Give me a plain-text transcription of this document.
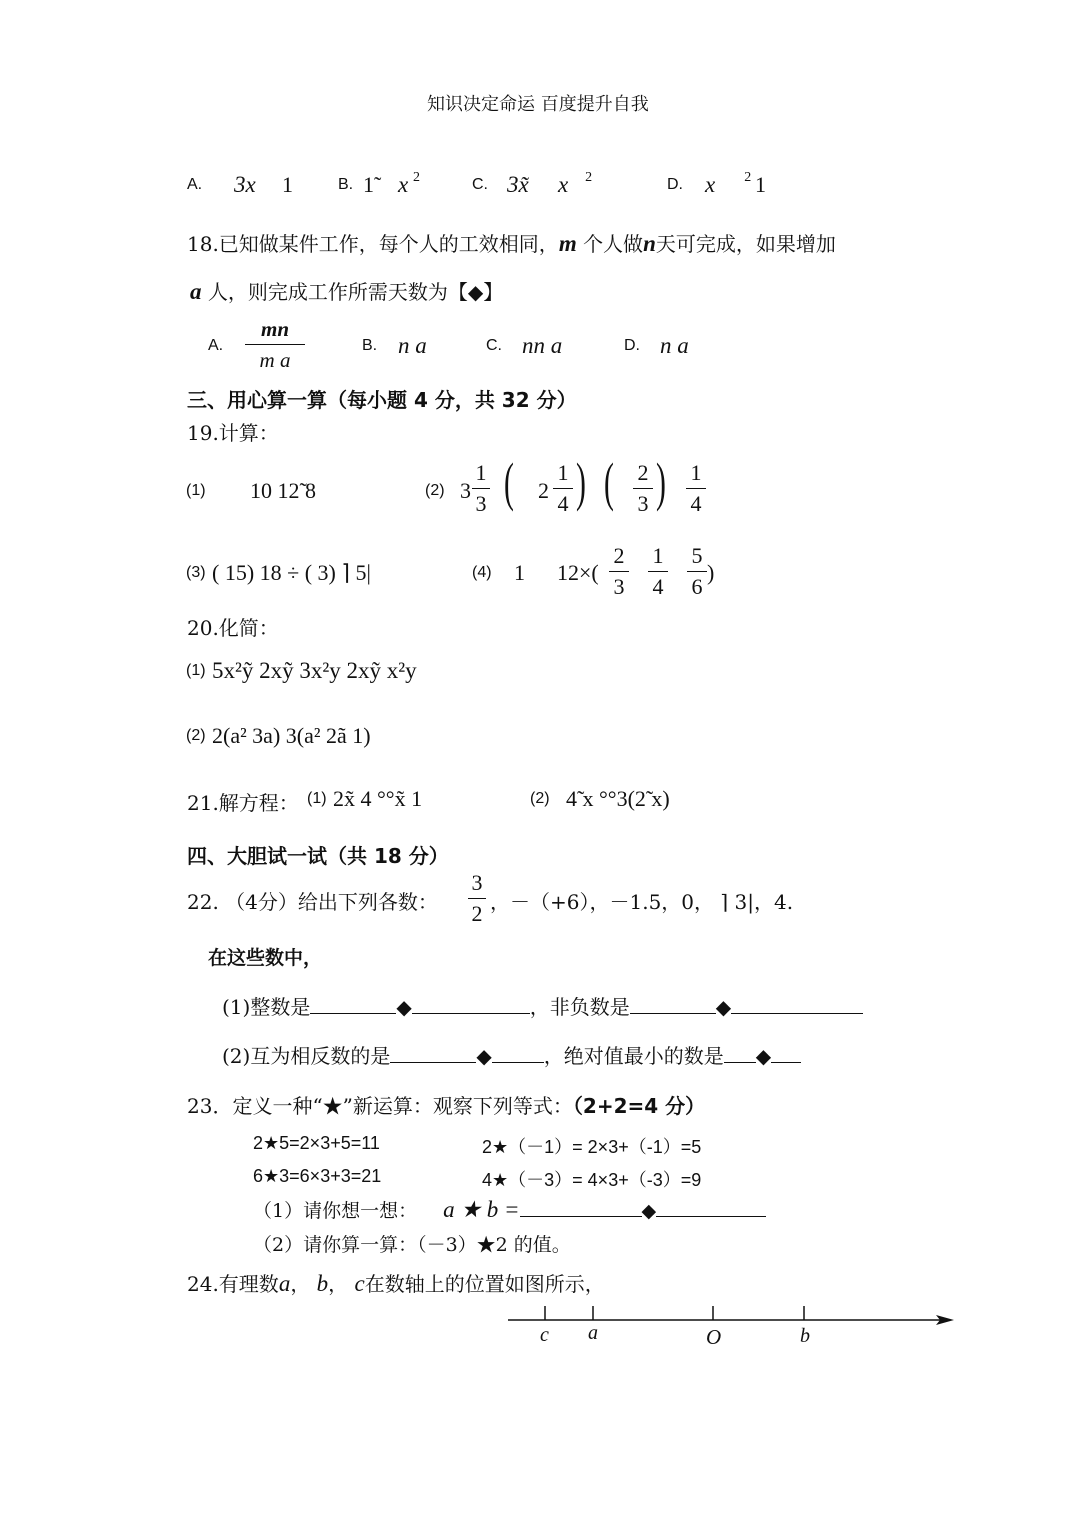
知识决定命运 百度提升自我
A. 3x 1	B. 1̃ x 2	C. 3x̃ x 2	D. x 2 1
18.已知做某件工作，每个人的工效相同，m 个人做n天可完成，如果增加
a 人，则完成工作所需天数为【◆】
A.
mn
m a
B. n a	C. nn a	D. n a
三、用心算一算（每小题 4 分，共 32 分）
19.计算：
(1) 10 12̃ 8	(2) 3
1
3 ( 2
1
4 ) ( 2
3 ) 1
4
(3) ( 15) 18 ÷ ( 3) ⌉ 5|	(4) 1 12×(
2
3
1
4
5
6
)
20.化简：
(1) 5x²ỹ 2xỹ 3x²y 2xỹ x²y
(2) 2(a² 3a) 3(a² 2ã 1)
21.解方程： (1) 2x̃ 4 °°x̃ 1	(2) 4̃ x °°3(2̃ x)
四、大胆试一试（共 18 分）
22. （4分）给出下列各数：
3
2 ，－（+6），－1.5，0， ⌉ 3|，4.
在这些数中，
(1)整数是	◆	，非负数是	◆
(2)互为相反数的是	◆	，绝对值最小的数是 ◆
23．定义一种“★”新运算：观察下列等式：（2+2=4 分）
2★5=2×3+5=11	2★（－1）= 2×3+（-1）=5
6★3=6×3+3=21	4★（－3）= 4×3+（-3）=9
（1）请你想一想： a ★ b =	◆
（2）请你算一算：（－3）★2 的值。
24.有理数a， b， c在数轴上的位置如图所示，
c a	O	b
